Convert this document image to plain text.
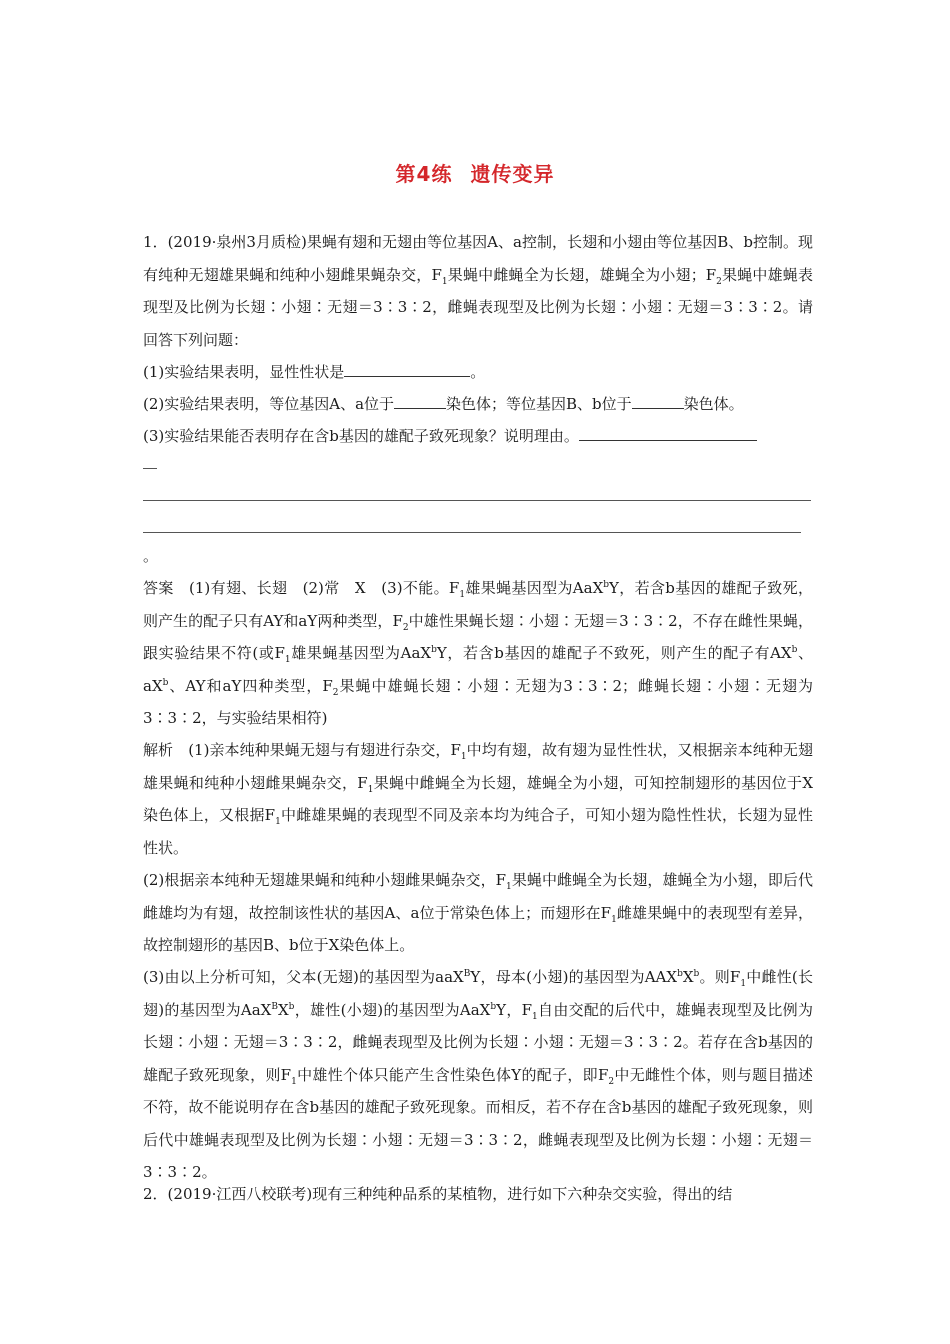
第4练 遗传变异
1．(2019·泉州3月质检)果蝇有翅和无翅由等位基因A、a控制，长翅和小翅由等位基因B、b控制。现有纯种无翅雄果蝇和纯种小翅雌果蝇杂交，$F_1$果蝇中雌蝇全为长翅，雄蝇全为小翅；$F_2$果蝇中雄蝇表现型及比例为长翅∶小翅∶无翅＝3∶3∶2，雌蝇表现型及比例为长翅∶小翅∶无翅＝3∶3∶2。请回答下列问题：
(1)实验结果表明，显性性状是	。
(2)实验结果表明，等位基因A、a位于	染色体；等位基因B、b位于	染色体。
(3)实验结果能否表明存在含b基因的雄配子致死现象？说明理由。
。
答案　 (1)有翅、长翅　(2)常　X　(3)不能。$F_1$雄果蝇基因型为AaX$^b$Y，若含b基因的雄配子致死，则产生的配子只有AY和aY两种类型，$F_2$中雄性果蝇长翅∶小翅∶无翅＝3∶3∶2，不存在雌性果蝇，跟实验结果不符(或$F_1$雄果蝇基因型为AaX$^b$Y，若含b基因的雄配子不致死，则产生的配子有$AX^b$、$aX^b$、AY和aY四种类型，$F_2$果蝇中雄蝇长翅∶小翅∶无翅为3∶3∶2；雌蝇长翅∶小翅∶无翅为3∶3∶2，与实验结果相符)
解析　 (1)亲本纯种果蝇无翅与有翅进行杂交，$F_1$中均有翅，故有翅为显性性状，又根据亲本纯种无翅雄果蝇和纯种小翅雌果蝇杂交，$F_1$果蝇中雌蝇全为长翅，雄蝇全为小翅，可知控制翅形的基因位于X染色体上，又根据$F_1$中雌雄果蝇的表现型不同及亲本均为纯合子，可知小翅为隐性性状，长翅为显性性状。
(2)根据亲本纯种无翅雄果蝇和纯种小翅雌果蝇杂交，$F_1$果蝇中雌蝇全为长翅，雄蝇全为小翅，即后代雌雄均为有翅，故控制该性状的基因A、a位于常染色体上；而翅形在$F_1$雌雄果蝇中的表现型有差异，故控制翅形的基因B、b位于X染色体上。
(3)由以上分析可知，父本(无翅)的基因型为aaX$^B$Y，母本(小翅)的基因型为$AAX^bX^b$。则$F_1$中雌性(长翅)的基因型为$AaX^BX^b$，雄性(小翅)的基因型为AaX$^b$Y，$F_1$自由交配的后代中，雄蝇表现型及比例为长翅∶小翅∶无翅＝3∶3∶2，雌蝇表现型及比例为长翅∶小翅∶无翅＝3∶3∶2。若存在含b基因的雄配子致死现象，则$F_1$中雄性个体只能产生含性染色体Y的配子，即$F_2$中无雌性个体，则与题目描述不符，故不能说明存在含b基因的雄配子致死现象。而相反，若不存在含b基因的雄配子致死现象，则后代中雄蝇表现型及比例为长翅∶小翅∶无翅＝3∶3∶2，雌蝇表现型及比例为长翅∶小翅∶无翅＝3∶3∶2。
2．(2019·江西八校联考)现有三种纯种品系的某植物，进行如下六种杂交实验，得出的结
